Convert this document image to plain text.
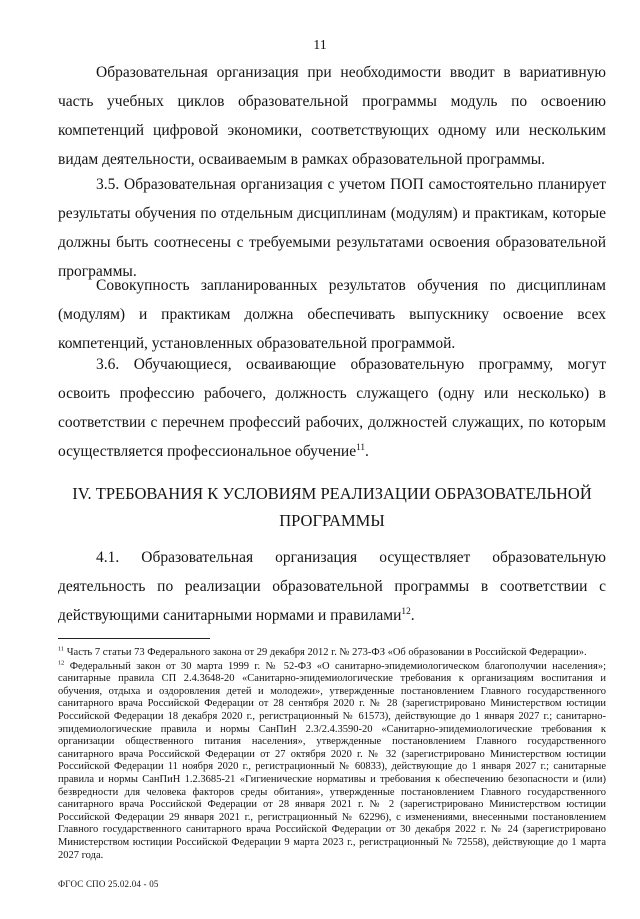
11

Образовательная организация при необходимости вводит в вариативную часть учебных циклов образовательной программы модуль по освоению компетенций цифровой экономики, соответствующих одному или нескольким видам деятельности, осваиваемым в рамках образовательной программы.

3.5. Образовательная организация с учетом ПОП самостоятельно планирует результаты обучения по отдельным дисциплинам (модулям) и практикам, которые должны быть соотнесены с требуемыми результатами освоения образовательной программы.

Совокупность запланированных результатов обучения по дисциплинам (модулям) и практикам должна обеспечивать выпускнику освоение всех компетенций, установленных образовательной программой.

3.6. Обучающиеся, осваивающие образовательную программу, могут освоить профессию рабочего, должность служащего (одну или несколько) в соответствии с перечнем профессий рабочих, должностей служащих, по которым осуществляется профессиональное обучение$^{11}$.

IV. ТРЕБОВАНИЯ К УСЛОВИЯМ РЕАЛИЗАЦИИ ОБРАЗОВАТЕЛЬНОЙ
ПРОГРАММЫ

4.1. Образовательная организация осуществляет образовательную деятельность по реализации образовательной программы в соответствии с действующими санитарными нормами и правилами$^{12}$.

$^{11}$ Часть 7 статьи 73 Федерального закона от 29 декабря 2012 г. № 273-ФЗ «Об образовании в Российской Федерации».

$^{12}$ Федеральный закон от 30 марта 1999 г. № 52-ФЗ «О санитарно-эпидемиологическом благополучии населения»; санитарные правила СП 2.4.3648-20 «Санитарно-эпидемиологические требования к организациям воспитания и обучения, отдыха и оздоровления детей и молодежи», утвержденные постановлением Главного государственного санитарного врача Российской Федерации от 28 сентября 2020 г. № 28 (зарегистрировано Министерством юстиции Российской Федерации 18 декабря 2020 г., регистрационный № 61573), действующие до 1 января 2027 г.; санитарно-эпидемиологические правила и нормы СанПиН 2.3/2.4.3590-20 «Санитарно-эпидемиологические требования к организации общественного питания населения», утвержденные постановлением Главного государственного санитарного врача Российской Федерации от 27 октября 2020 г. № 32 (зарегистрировано Министерством юстиции Российской Федерации 11 ноября 2020 г., регистрационный № 60833), действующие до 1 января 2027 г.; санитарные правила и нормы СанПиН 1.2.3685-21 «Гигиенические нормативы и требования к обеспечению безопасности и (или) безвредности для человека факторов среды обитания», утвержденные постановлением Главного государственного санитарного врача Российской Федерации от 28 января 2021 г. № 2 (зарегистрировано Министерством юстиции Российской Федерации 29 января 2021 г., регистрационный № 62296), с изменениями, внесенными постановлением Главного государственного санитарного врача Российской Федерации от 30 декабря 2022 г. № 24 (зарегистрировано Министерством юстиции Российской Федерации 9 марта 2023 г., регистрационный № 72558), действующие до 1 марта 2027 года.

ФГОС СПО 25.02.04 - 05
